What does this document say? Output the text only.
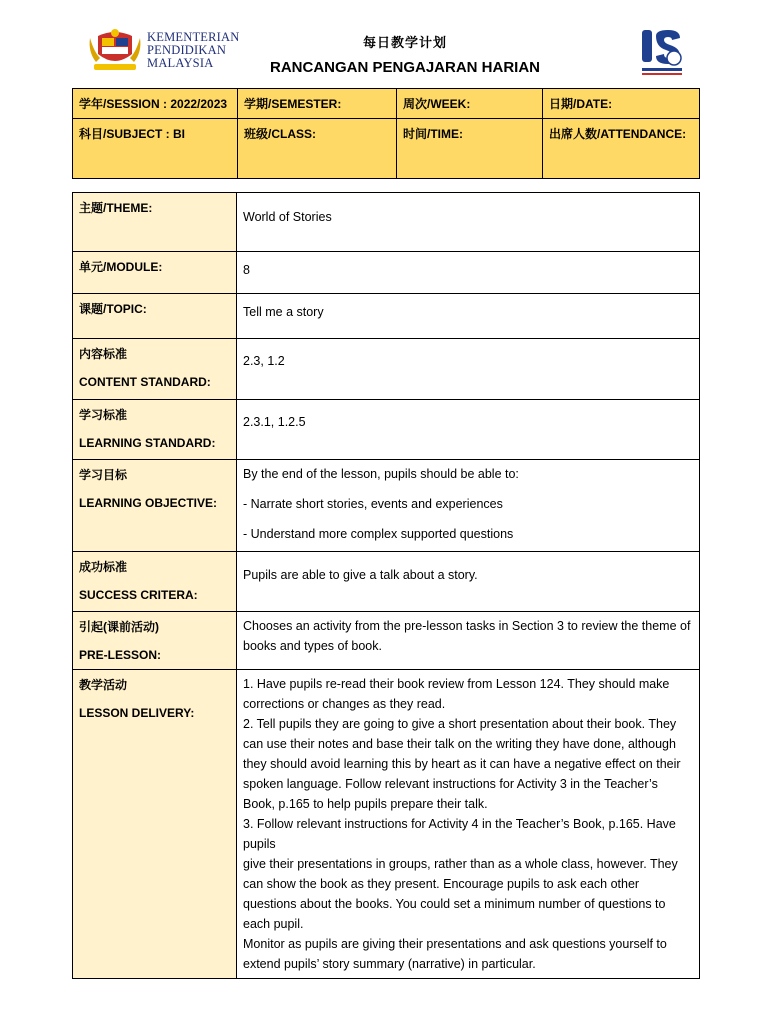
KEMENTERIAN
PENDIDIKAN
MALAYSIA
每日教学计划
RANCANGAN PENGAJARAN HARIAN
学年/SESSION : 2022/2023	学期/SEMESTER:	周次/WEEK:	日期/DATE:
科目/SUBJECT : BI	班级/CLASS:	时间/TIME:	出席人数/ATTENDANCE:
主题/THEME:	World of Stories
单元/MODULE:	8
课题/TOPIC:	Tell me a story

内容标准
CONTENT STANDARD:	2.3, 1.2

学习标准
LEARNING STANDARD:	2.3.1, 1.2.5

学习目标
LEARNING OBJECTIVE:	By the end of the lesson, pupils should be able to:
- Narrate short stories, events and experiences
- Understand more complex supported questions

成功标准
SUCCESS CRITERA:	Pupils are able to give a talk about a story.

引起(课前活动)
PRE-LESSON:	Chooses an activity from the pre-lesson tasks in Section 3 to review the theme of books and types of book.

教学活动
LESSON DELIVERY:	1. Have pupils re-read their book review from Lesson 124. They should make corrections or changes as they read.
2. Tell pupils they are going to give a short presentation about their book. They can use their notes and base their talk on the writing they have done, although they should avoid learning this by heart as it can have a negative effect on their spoken language. Follow relevant instructions for Activity 3 in the Teacher’s Book, p.165 to help pupils prepare their talk.
3. Follow relevant instructions for Activity 4 in the Teacher’s Book, p.165. Have pupils
give their presentations in groups, rather than as a whole class, however. They can show the book as they present. Encourage pupils to ask each other questions about the books. You could set a minimum number of questions to each pupil.
Monitor as pupils are giving their presentations and ask questions yourself to extend pupils’ story summary (narrative) in particular.
